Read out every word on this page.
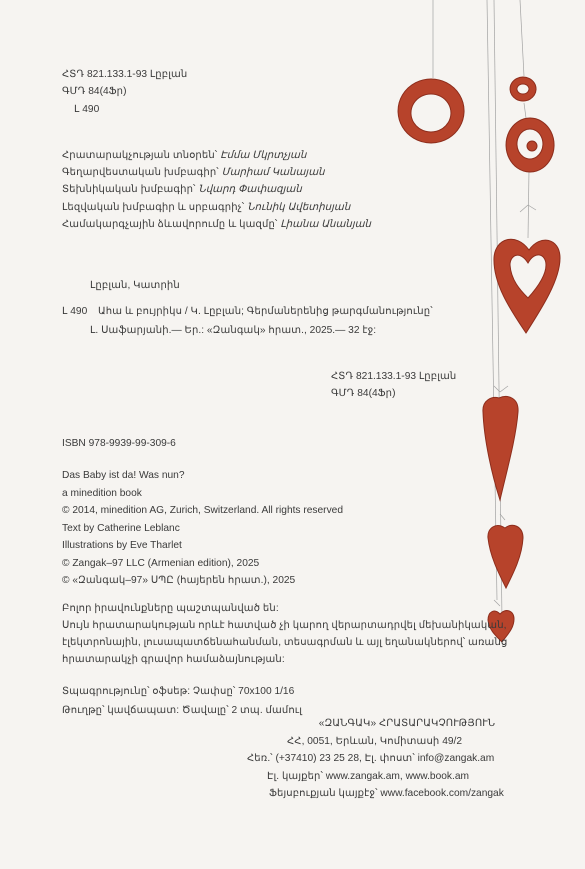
ՀՏԴ 821.133.1-93 Լըբլան
ԳՄԴ 84(4Ֆր)
Լ 490
Հրատարակչության տնօրեն՝ Էմմա Մկրտչյան
Գեղարվեստական խմբագիր՝ Մարիամ Կանայան
Տեխնիկական խմբագիր՝ Նվարդ Փափազյան
Լեզվական խմբագիր և սրբագրիչ՝ Նունիկ Ավետիսյան
Համակարգչային ձևավորումը և կազմը՝ Լիանա Անանյան
Լըբլան, Կատրին
Լ 490 Ահա և բույրիկս / Կ. Լըբլան; Գերմաներենից թարգմանությունը՝
Լ. Սաֆարյանի.— Եր.: «Զանգակ» հրատ., 2025.— 32 էջ:
ՀՏԴ 821.133.1-93 Լըբլան
ԳՄԴ 84(4Ֆր)
ISBN 978-9939-99-309-6
Das Baby ist da! Was nun?
a minedition book
© 2014, minedition AG, Zurich, Switzerland. All rights reserved
Text by Catherine Leblanc
Illustrations by Eve Tharlet
© Zangak–97 LLC (Armenian edition), 2025
© «Զանգակ–97» ՍՊԸ (հայերեն հրատ.), 2025
Բոլոր իրավունքները պաշտպանված են:
Սույն հրատարակության որևէ հատված չի կարող վերարտադրվել մեխանիկական,
էլեկտրոնային, լուսապատճենահանման, տեսագրման և այլ եղանակներով՝ առանց
հրատարակչի գրավոր համաձայնության:
Տպագրությունը՝ օֆսեթ: Չափսը՝ 70x100 1/16
Թուղթը՝ կավճապատ: Ծավալը՝ 2 տպ. մամուլ
«ԶԱՆԳԱԿ» ՀՐԱՏԱՐԱԿՉՈՒԹՅՈՒՆ
ՀՀ, 0051, Երևան, Կոմիտասի 49/2
Հեռ.՝ (+37410) 23 25 28, Էլ. փոստ՝ info@zangak.am
Էլ. կայքեր՝ www.zangak.am, www.book.am
Ֆեյսբուքյան կայքէջ՝ www.facebook.com/zangak
